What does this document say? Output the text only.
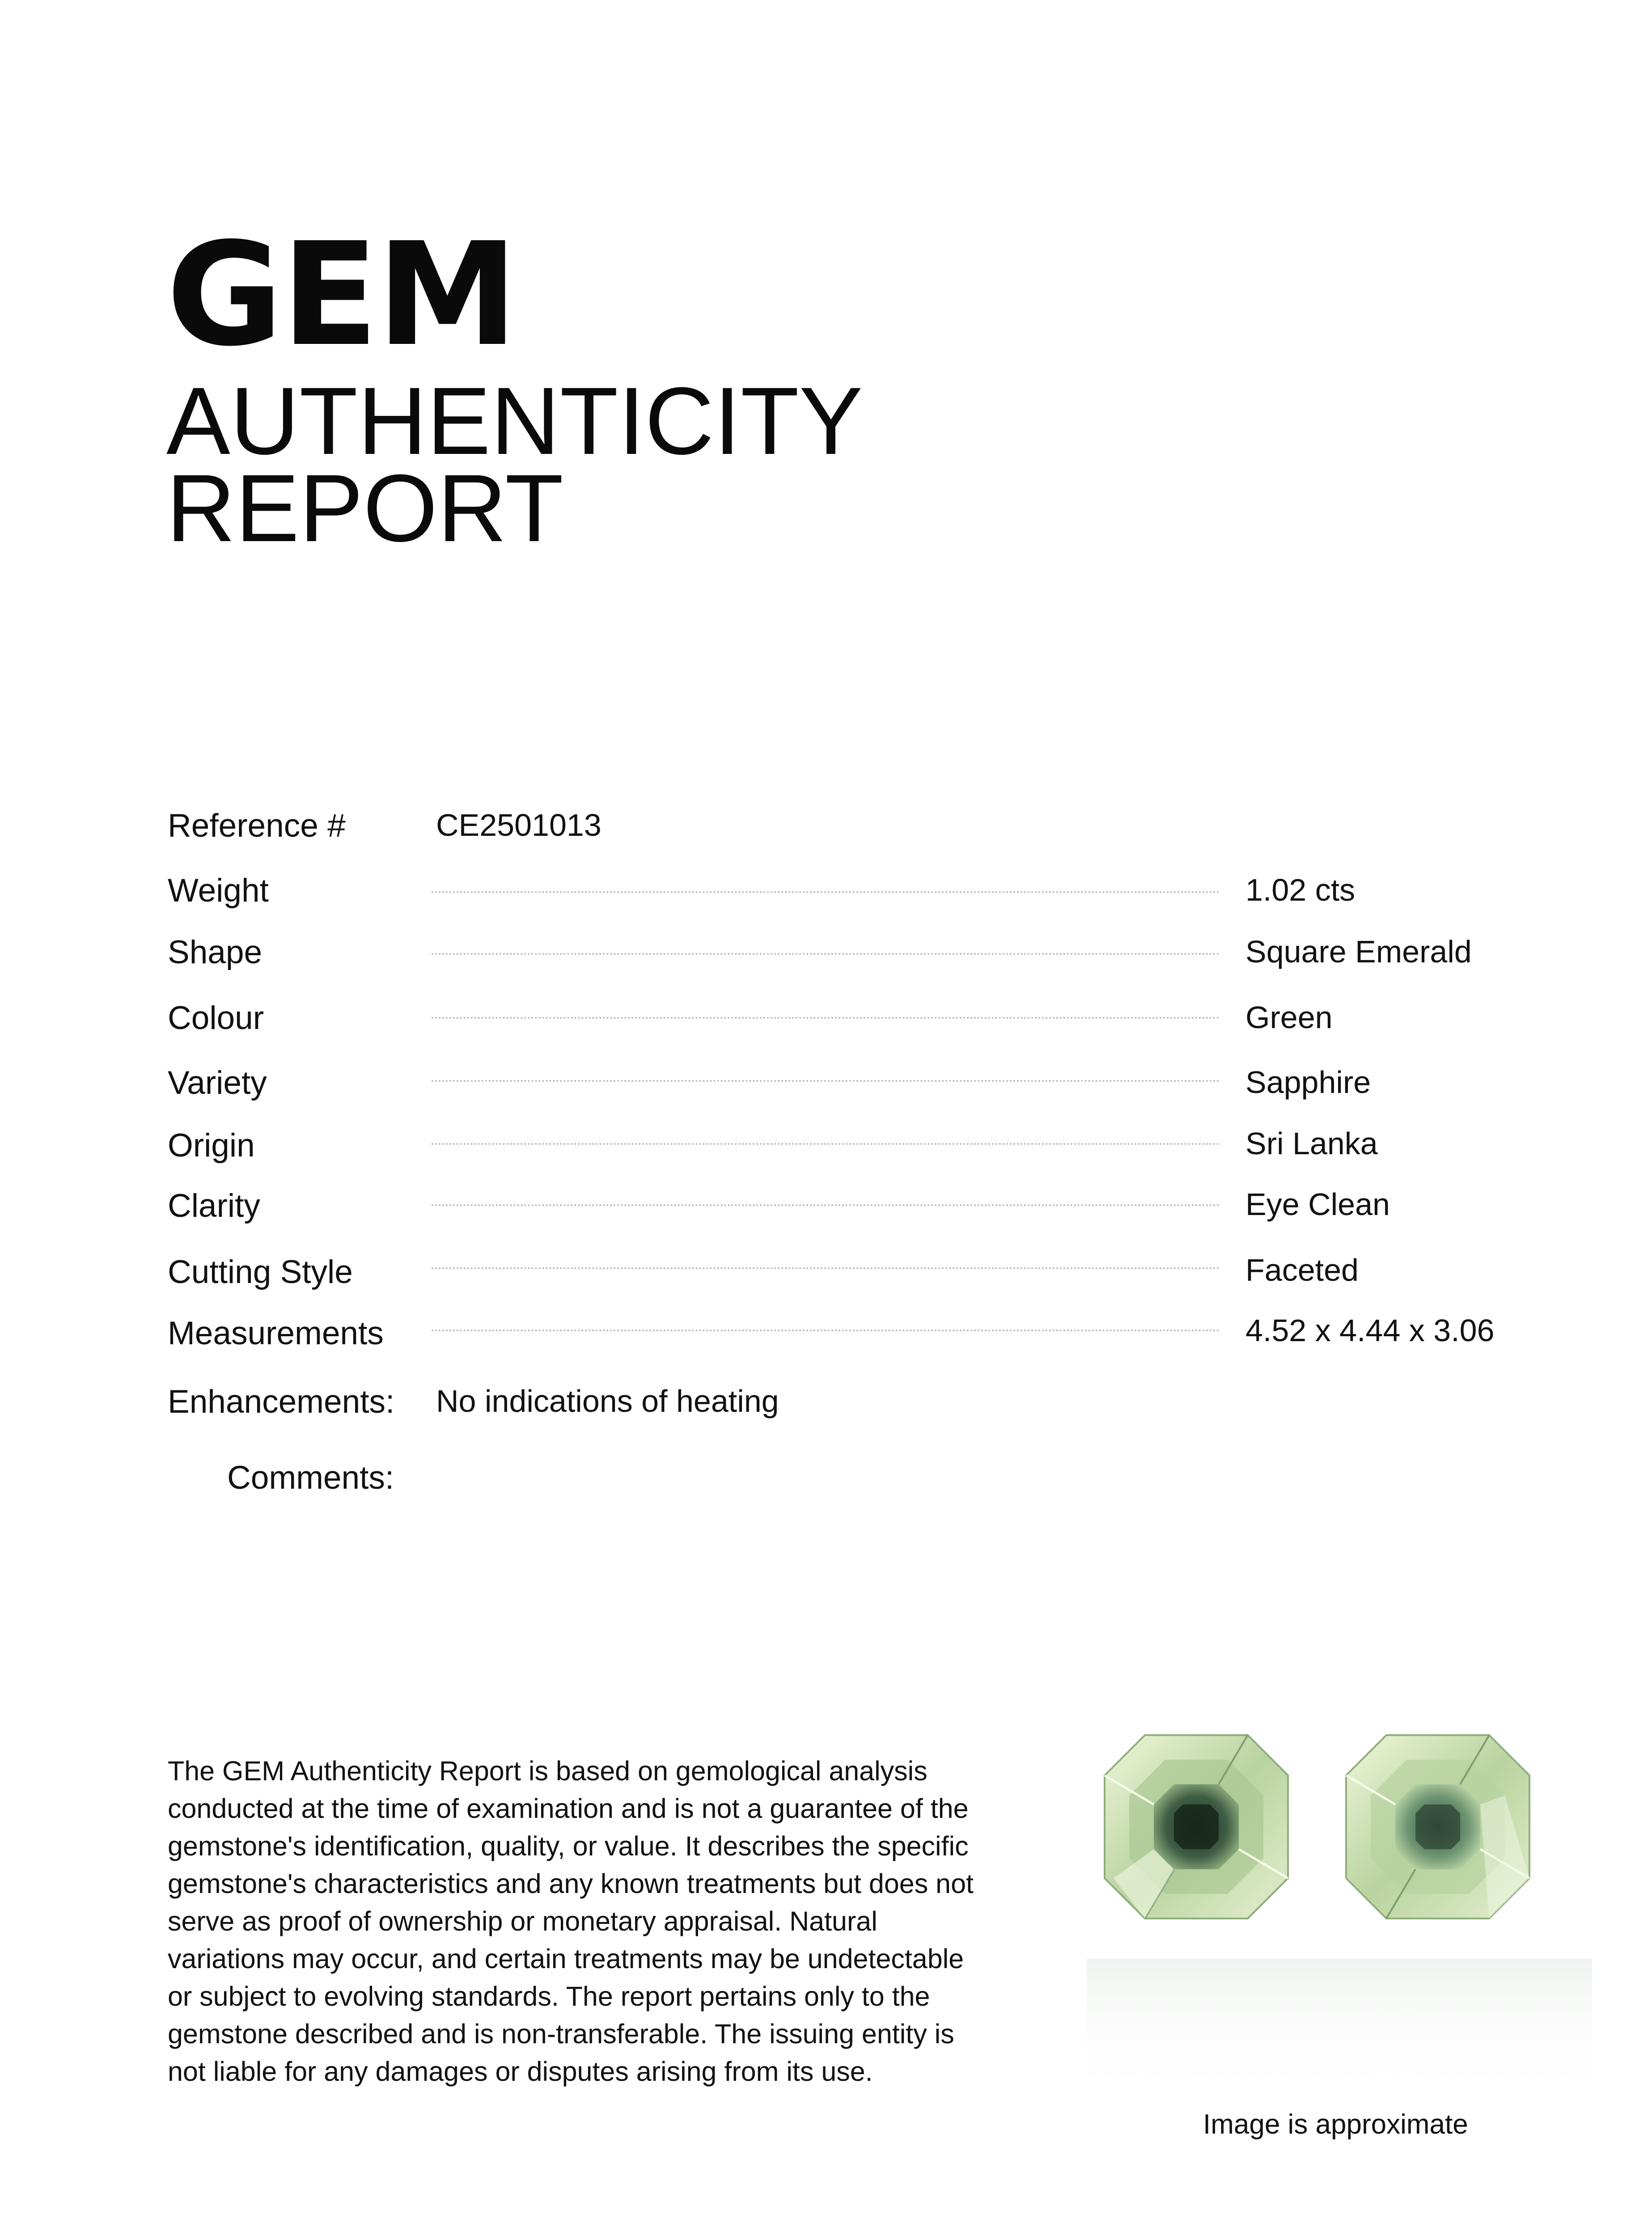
GEM
AUTHENTICITY
REPORT
Reference #	CE2501013
Weight	1.02 cts
Shape	Square Emerald
Colour	Green
Variety	Sapphire
Origin	Sri Lanka
Clarity	Eye Clean
Cutting Style	Faceted
Measurements	4.52 x 4.44 x 3.06
Enhancements: No indications of heating
Comments:
The GEM Authenticity Report is based on gemological analysis
conducted at the time of examination and is not a guarantee of the
gemstone's identification, quality, or value. It describes the specific
gemstone's characteristics and any known treatments but does not
serve as proof of ownership or monetary appraisal. Natural
variations may occur, and certain treatments may be undetectable
or subject to evolving standards. The report pertains only to the
gemstone described and is non-transferable. The issuing entity is
not liable for any damages or disputes arising from its use.
Image is approximate
